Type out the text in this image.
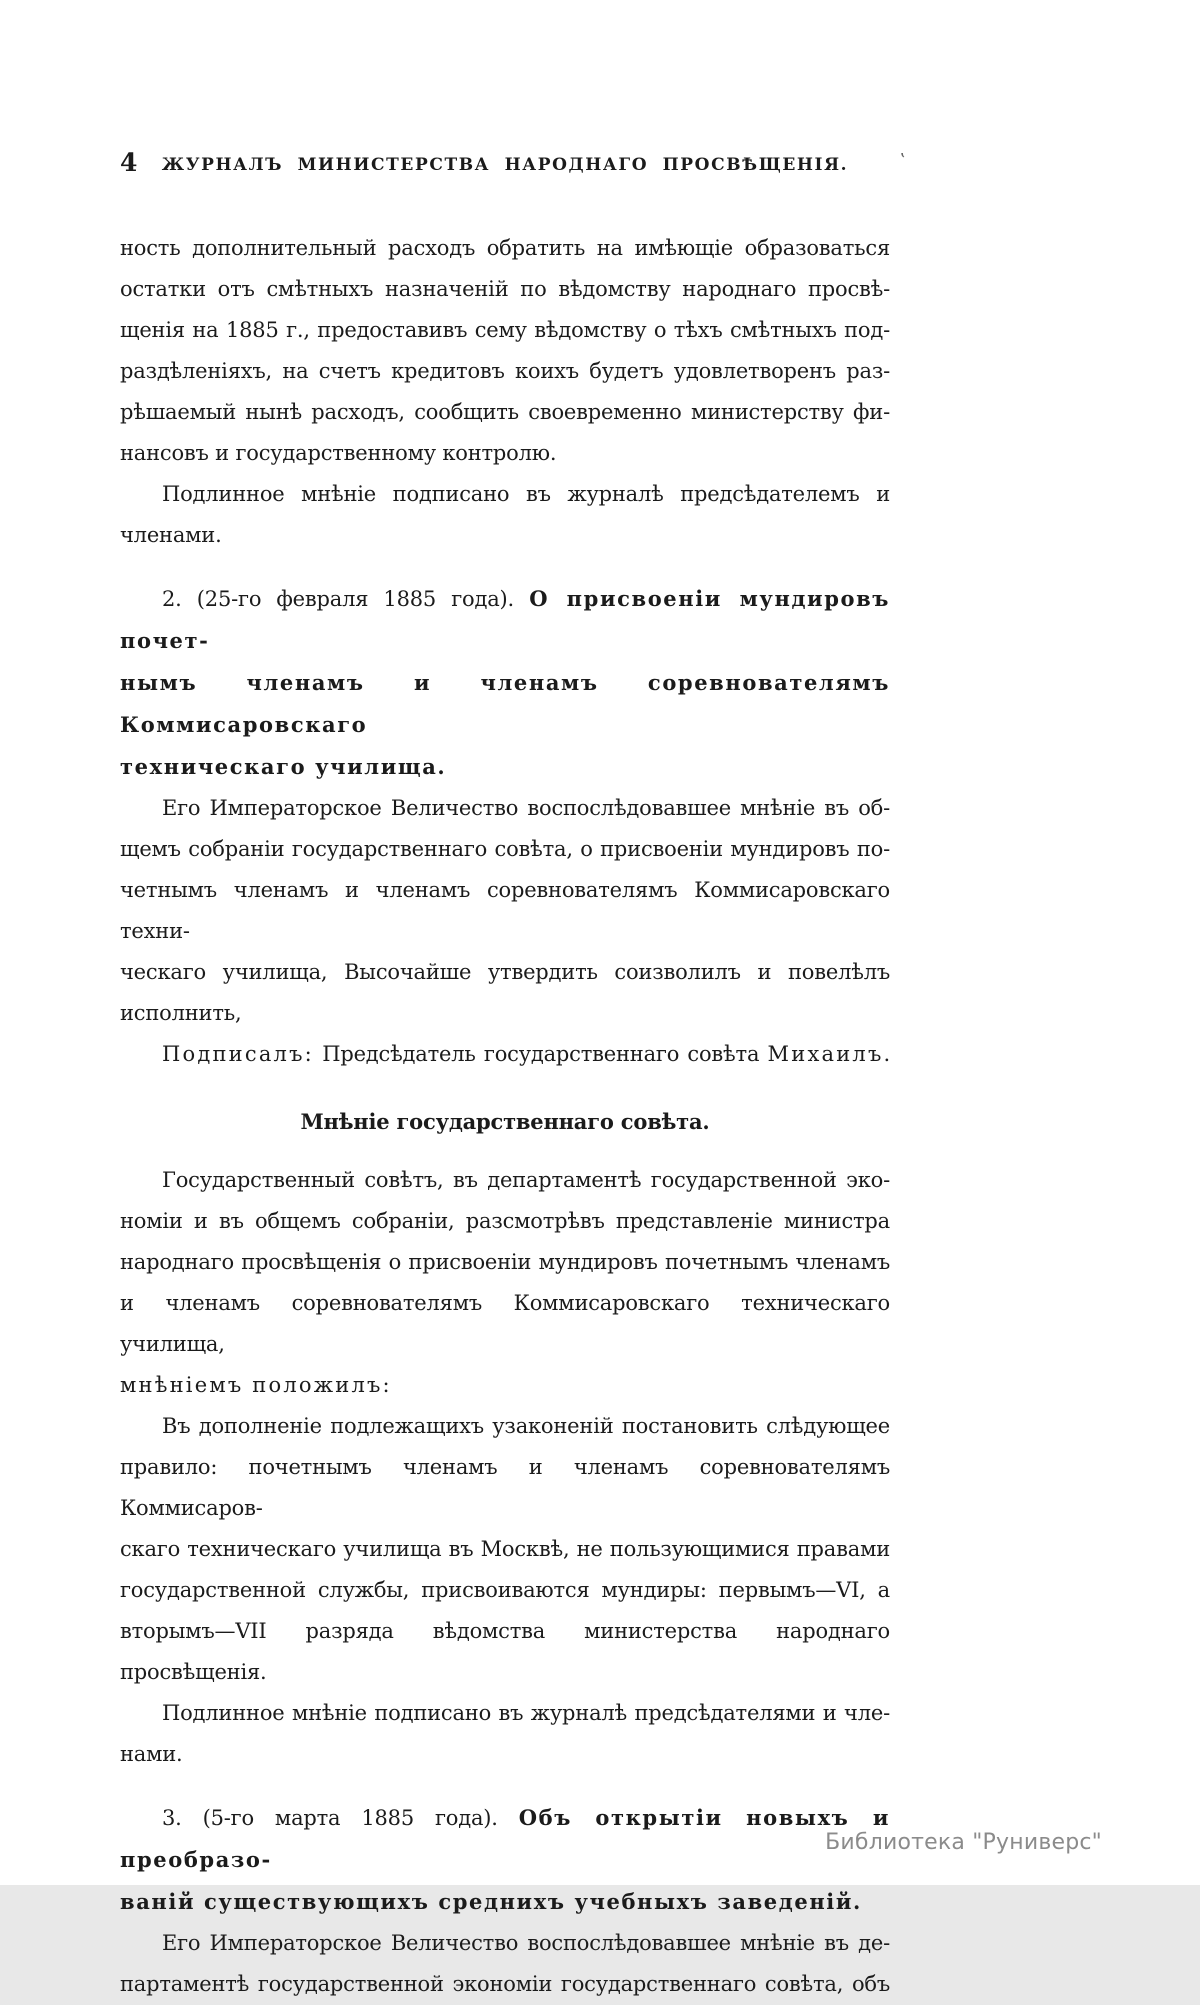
4	ЖУРНАЛЪ МИНИСТЕРСТВА НАРОДНАГО ПРОСВѢЩЕНІЯ.	‛
ность дополнительный расходъ обратить на имѣющіе образоваться
остатки отъ смѣтныхъ назначеній по вѣдомству народнаго просвѣ-
щенія на 1885 г., предоставивъ сему вѣдомству о тѣхъ смѣтныхъ под-
раздѣленіяхъ, на счетъ кредитовъ коихъ будетъ удовлетворенъ раз-
рѣшаемый нынѣ расходъ, сообщить своевременно министерству фи-
нансовъ и государственному контролю.
Подлинное мнѣніе подписано въ журналѣ предсѣдателемъ и
членами.
2. (25-го февраля 1885 года). О присвоеніи мундировъ почет-
нымъ членамъ и членамъ соревнователямъ Коммисаровскаго
техническаго училища.
Его Императорское Величество воспослѣдовавшее мнѣніе въ об-
щемъ собраніи государственнаго совѣта, о присвоеніи мундировъ по-
четнымъ членамъ и членамъ соревнователямъ Коммисаровскаго техни-
ческаго училища, Высочайше утвердить соизволилъ и повелѣлъ
исполнить,
Подписалъ: Предсѣдатель государственнаго совѣта Михаилъ.
Мнѣніе государственнаго совѣта.
Государственный совѣтъ, въ департаментѣ государственной эко-
номіи и въ общемъ собраніи, разсмотрѣвъ представленіе министра
народнаго просвѣщенія о присвоеніи мундировъ почетнымъ членамъ
и членамъ соревнователямъ Коммисаровскаго техническаго училища,
мнѣніемъ положилъ:
Въ дополненіе подлежащихъ узаконеній постановить слѣдующее
правило: почетнымъ членамъ и членамъ соревнователямъ Коммисаров-
скаго техническаго училища въ Москвѣ, не пользующимися правами
государственной службы, присвоиваются мундиры: первымъ—VI, а
вторымъ—VII разряда вѣдомства министерства народнаго просвѣщенія.
Подлинное мнѣніе подписано въ журналѣ предсѣдателями и чле-
нами.
3. (5-го марта 1885 года). Объ открытіи новыхъ и преобразо-
ваній существующихъ среднихъ учебныхъ заведеній.
Его Императорское Величество воспослѣдовавшее мнѣніе въ де-
партаментѣ государственной экономіи государственнаго совѣта, объ
Библиотека "Руниверс"
